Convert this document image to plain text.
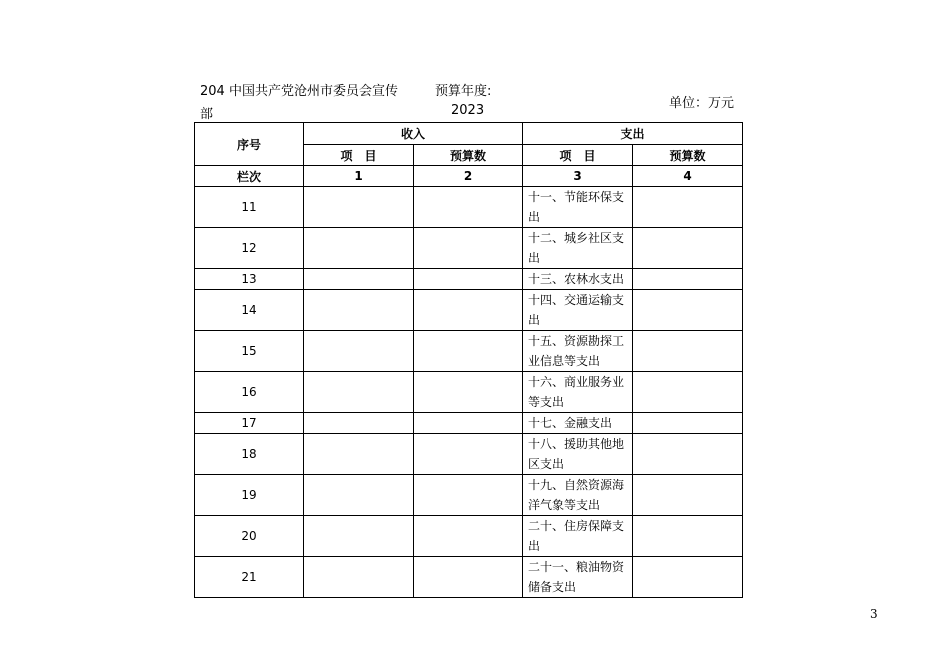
204 中国共产党沧州市委员会宣传
部
预算年度:
2023	单位：万元
序号	收入		支出	
	项　目	预算数	项　目	预算数
栏次	1	2	3	4
11			十一、节能环保支出	
12			十二、城乡社区支出	
13			十三、农林水支出	
14			十四、交通运输支出	
15			十五、资源勘探工业信息等支出	
16			十六、商业服务业等支出	
17			十七、金融支出	
18			十八、援助其他地区支出	
19			十九、自然资源海洋气象等支出	
20			二十、住房保障支出	
21			二十一、粮油物资储备支出	
3
